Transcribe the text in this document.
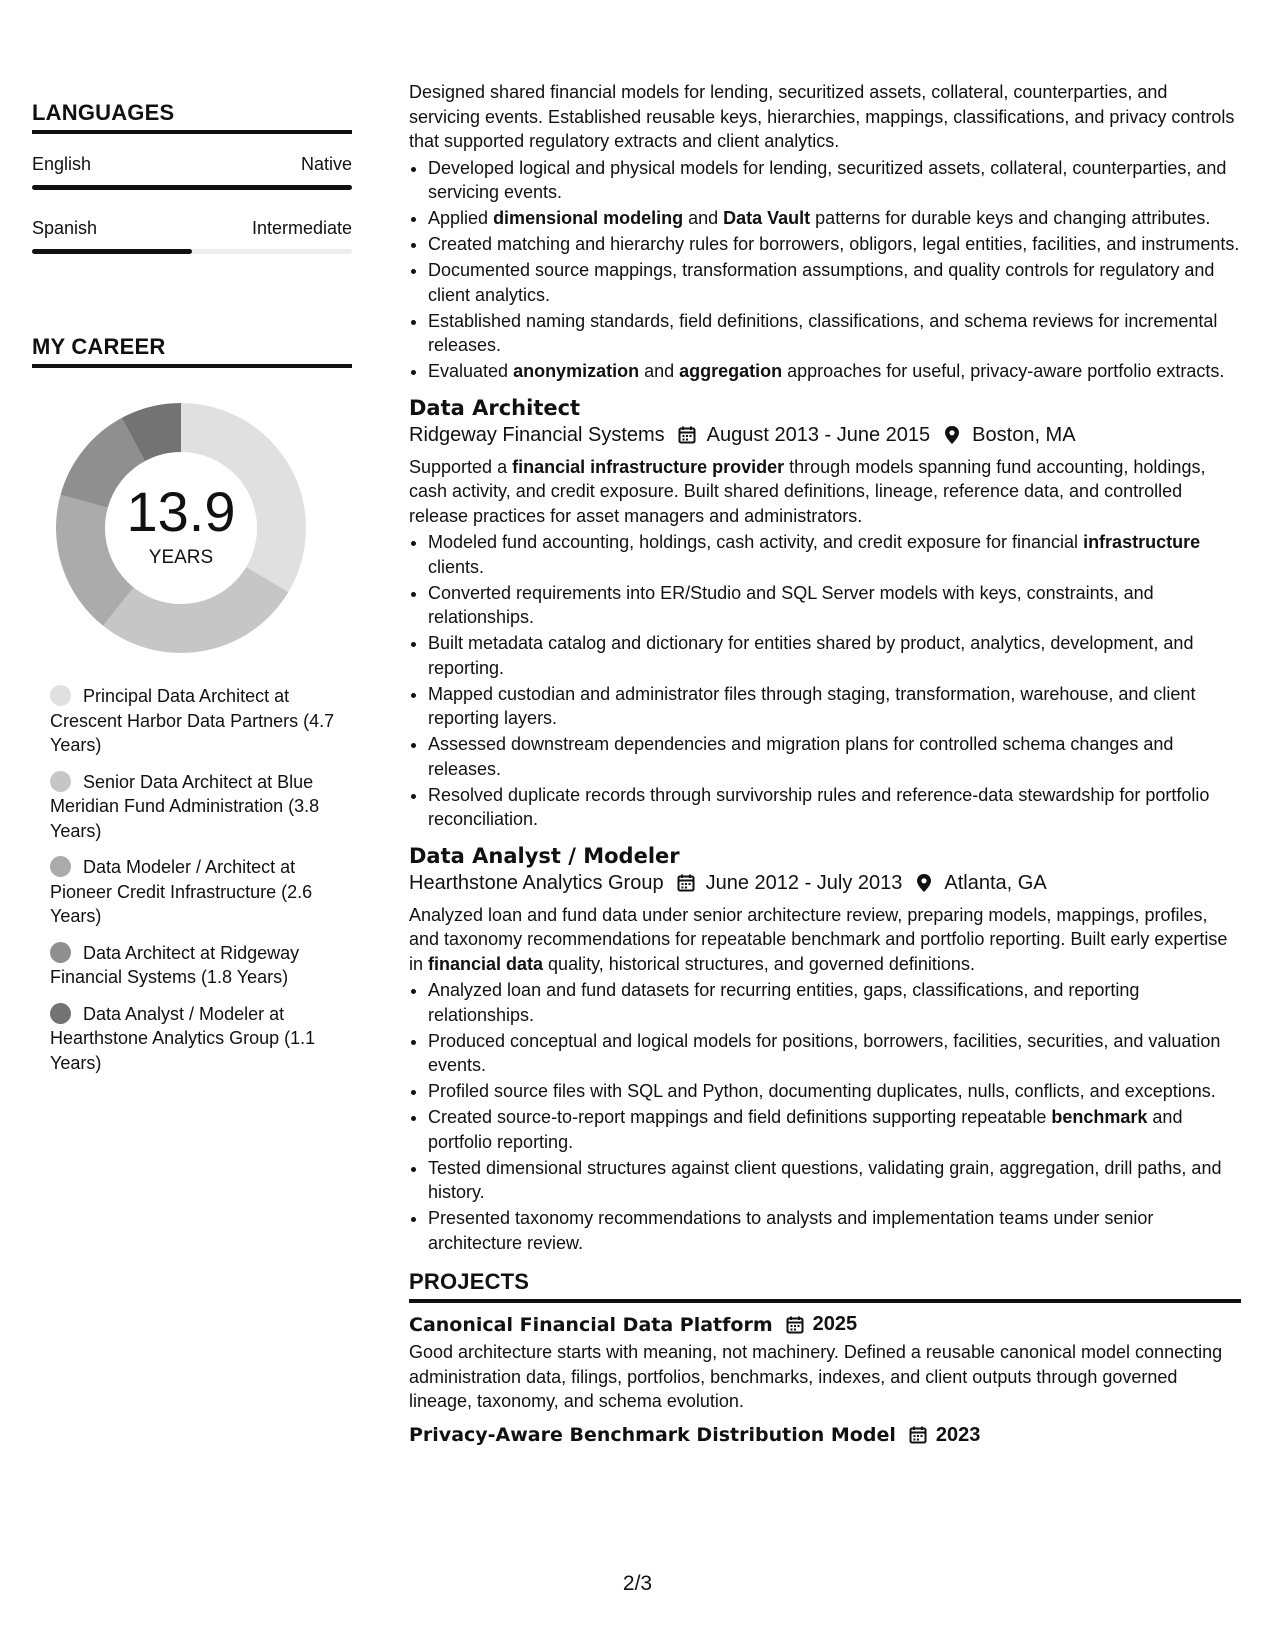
LANGUAGES
English	Native
Spanish	Intermediate
MY CAREER
13.9
YEARS
Principal Data Architect at Crescent Harbor Data Partners (4.7 Years)
Senior Data Architect at Blue Meridian Fund Administration (3.8 Years)
Data Modeler / Architect at Pioneer Credit Infrastructure (2.6 Years)
Data Architect at Ridgeway Financial Systems (1.8 Years)
Data Analyst / Modeler at Hearthstone Analytics Group (1.1 Years)

Designed shared financial models for lending, securitized assets, collateral, counterparties, and servicing events. Established reusable keys, hierarchies, mappings, classifications, and privacy controls that supported regulatory extracts and client analytics.

• Developed logical and physical models for lending, securitized assets, collateral, counterparties, and servicing events.
• Applied dimensional modeling and Data Vault patterns for durable keys and changing attributes.
• Created matching and hierarchy rules for borrowers, obligors, legal entities, facilities, and instruments.
• Documented source mappings, transformation assumptions, and quality controls for regulatory and client analytics.
• Established naming standards, field definitions, classifications, and schema reviews for incremental releases.
• Evaluated anonymization and aggregation approaches for useful, privacy-aware portfolio extracts.
Data Architect
Ridgeway Financial Systems August 2013 - June 2015 Boston, MA

Supported a financial infrastructure provider through models spanning fund accounting, holdings, cash activity, and credit exposure. Built shared definitions, lineage, reference data, and controlled release practices for asset managers and administrators.

• Modeled fund accounting, holdings, cash activity, and credit exposure for financial infrastructure clients.
• Converted requirements into ER/Studio and SQL Server models with keys, constraints, and relationships.
• Built metadata catalog and dictionary for entities shared by product, analytics, development, and reporting.
• Mapped custodian and administrator files through staging, transformation, warehouse, and client reporting layers.
• Assessed downstream dependencies and migration plans for controlled schema changes and releases.
• Resolved duplicate records through survivorship rules and reference-data stewardship for portfolio reconciliation.
Data Analyst / Modeler
Hearthstone Analytics Group June 2012 - July 2013 Atlanta, GA

Analyzed loan and fund data under senior architecture review, preparing models, mappings, profiles, and taxonomy recommendations for repeatable benchmark and portfolio reporting. Built early expertise in financial data quality, historical structures, and governed definitions.

• Analyzed loan and fund datasets for recurring entities, gaps, classifications, and reporting relationships.
• Produced conceptual and logical models for positions, borrowers, facilities, securities, and valuation events.
• Profiled source files with SQL and Python, documenting duplicates, nulls, conflicts, and exceptions.
• Created source-to-report mappings and field definitions supporting repeatable benchmark and portfolio reporting.
• Tested dimensional structures against client questions, validating grain, aggregation, drill paths, and history.
• Presented taxonomy recommendations to analysts and implementation teams under senior architecture review.
PROJECTS
Canonical Financial Data Platform 2025

Good architecture starts with meaning, not machinery. Defined a reusable canonical model connecting administration data, filings, portfolios, benchmarks, indexes, and client outputs through governed lineage, taxonomy, and schema evolution.

Privacy-Aware Benchmark Distribution Model 2023
2/3
